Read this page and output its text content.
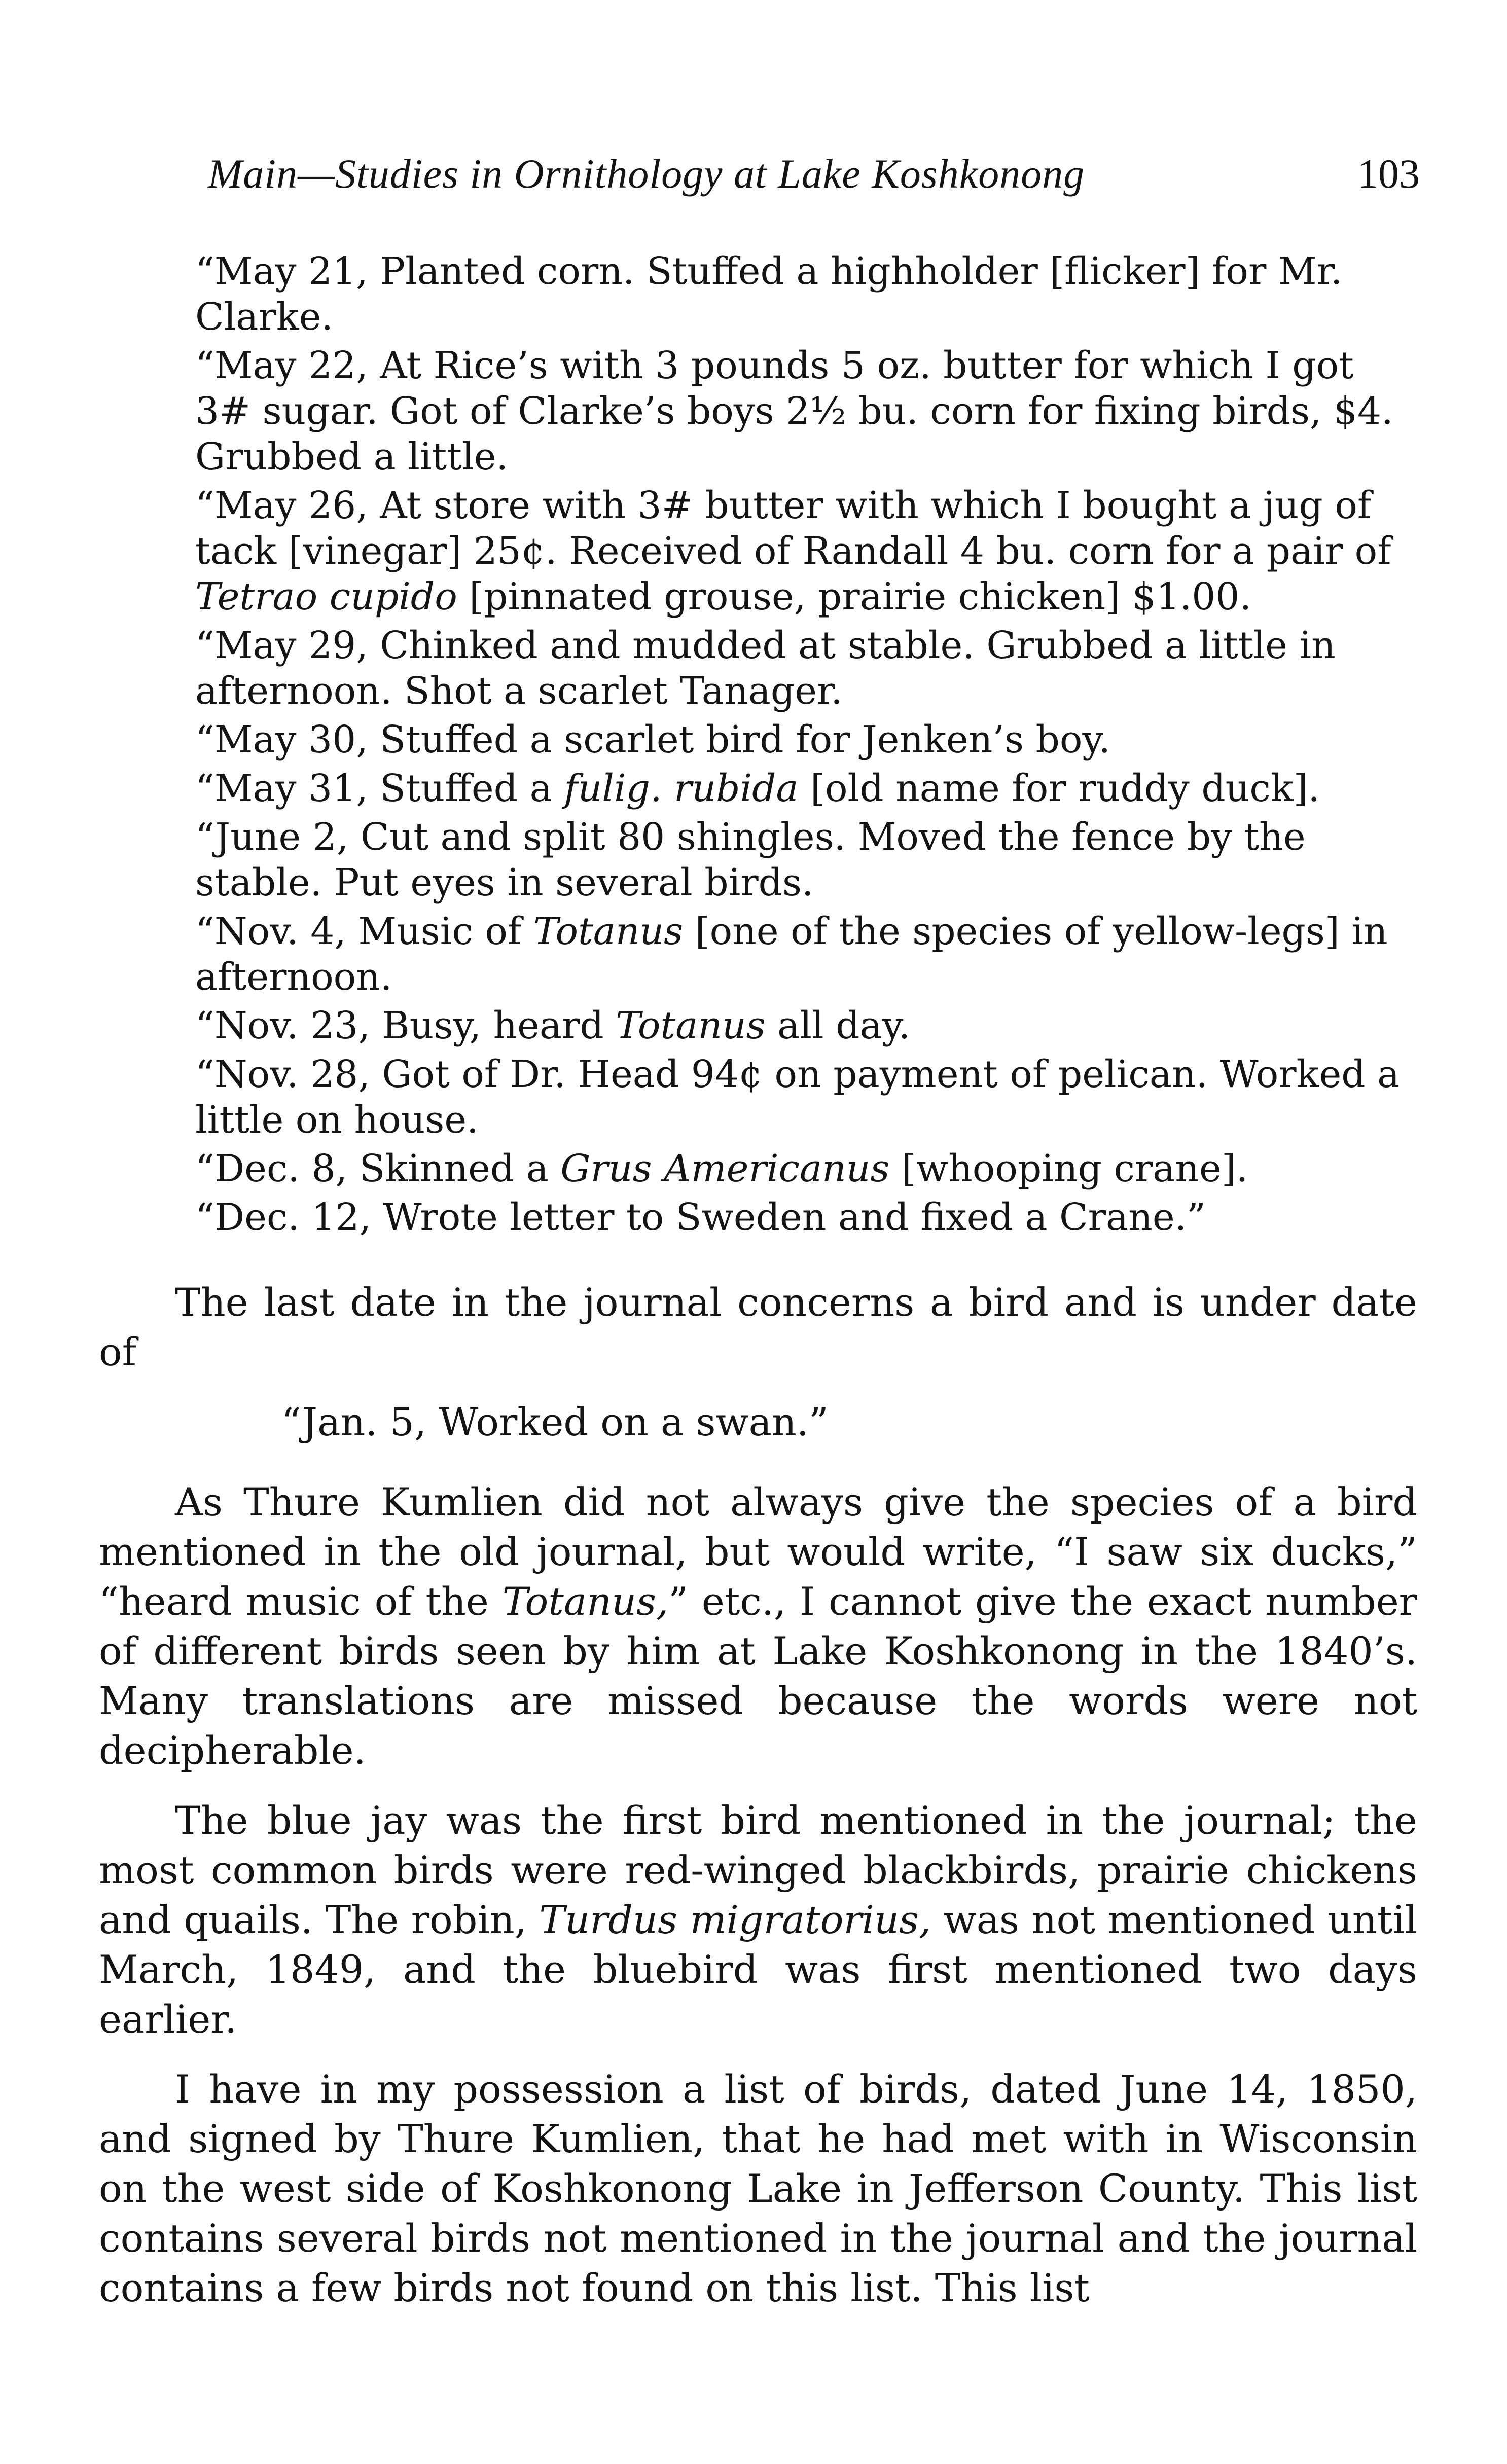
Main—Studies in Ornithology at Lake Koshkonong	103

“May 21, Planted corn. Stuffed a highholder [flicker] for Mr. Clarke.

“May 22, At Rice’s with 3 pounds 5 oz. butter for which I got 3# sugar. Got of Clarke’s boys 2½ bu. corn for fixing birds, $4. Grubbed a little.

“May 26, At store with 3# butter with which I bought a jug of tack [vinegar] 25¢. Received of Randall 4 bu. corn for a pair of Tetrao cupido [pinnated grouse, prairie chicken] $1.00.

“May 29, Chinked and mudded at stable. Grubbed a little in afternoon. Shot a scarlet Tanager.

“May 30, Stuffed a scarlet bird for Jenken’s boy.

“May 31, Stuffed a fulig. rubida [old name for ruddy duck].

“June 2, Cut and split 80 shingles. Moved the fence by the stable. Put eyes in several birds.

“Nov. 4, Music of Totanus [one of the species of yellow-legs] in afternoon.

“Nov. 23, Busy, heard Totanus all day.

“Nov. 28, Got of Dr. Head 94¢ on payment of pelican. Worked a little on house.

“Dec. 8, Skinned a Grus Americanus [whooping crane].

“Dec. 12, Wrote letter to Sweden and fixed a Crane.”

The last date in the journal concerns a bird and is under date of

“Jan. 5, Worked on a swan.”

As Thure Kumlien did not always give the species of a bird mentioned in the old journal, but would write, “I saw six ducks,” “heard music of the Totanus,” etc., I cannot give the exact number of different birds seen by him at Lake Koshkonong in the 1840’s. Many translations are missed because the words were not decipherable.

The blue jay was the first bird mentioned in the journal; the most common birds were red-winged blackbirds, prairie chickens and quails. The robin, Turdus migratorius, was not mentioned until March, 1849, and the bluebird was first mentioned two days earlier.

I have in my possession a list of birds, dated June 14, 1850, and signed by Thure Kumlien, that he had met with in Wisconsin on the west side of Koshkonong Lake in Jefferson County. This list contains several birds not mentioned in the journal and the journal contains a few birds not found on this list. This list
